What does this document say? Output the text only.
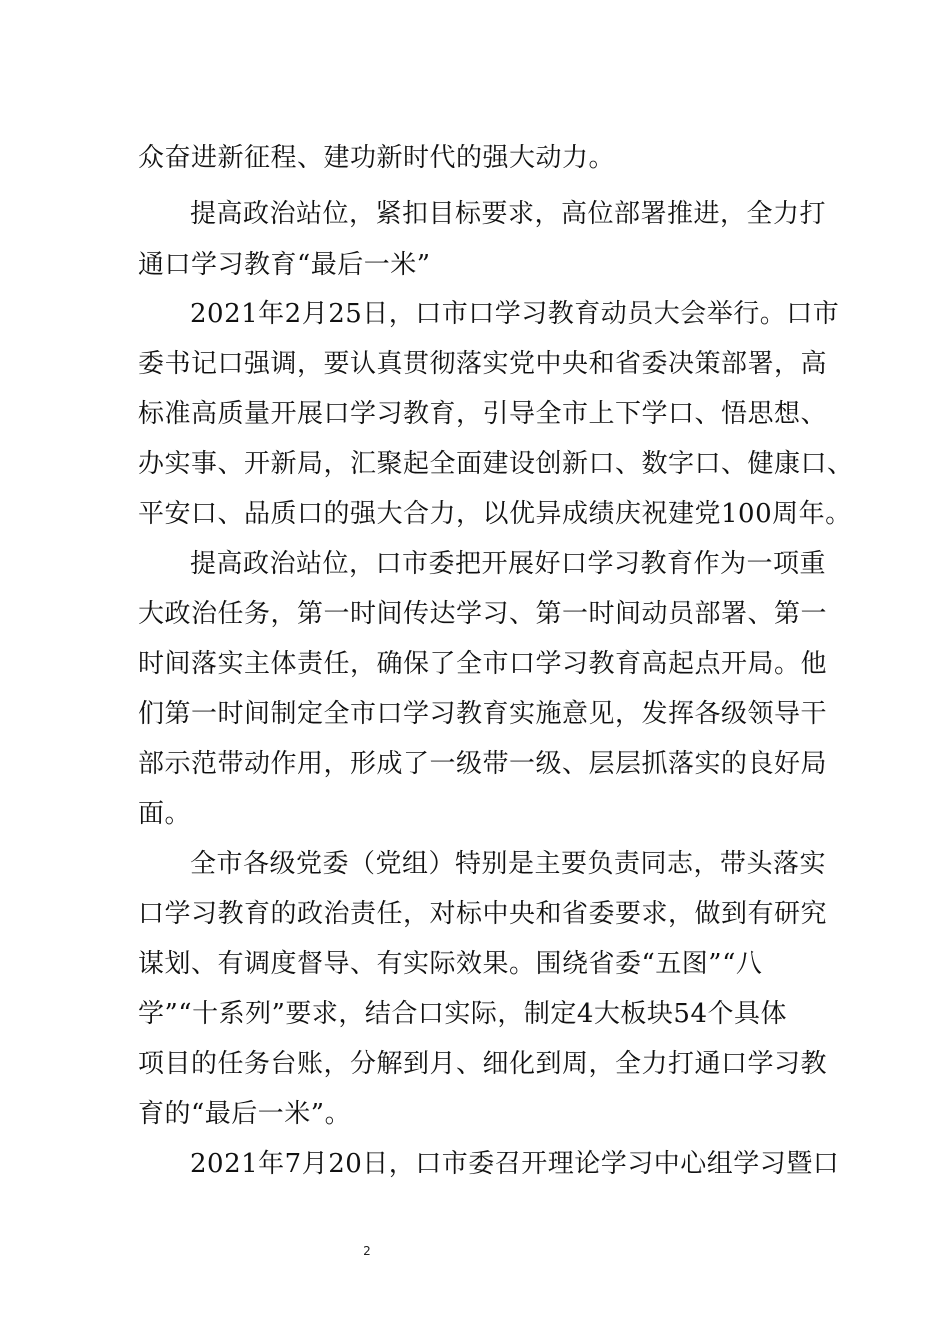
众奋进新征程、建功新时代的强大动力。
提高政治站位，紧扣目标要求，高位部署推进，全力打
通口学习教育“最后一米”
2021年2月25日，口市口学习教育动员大会举行。口市
委书记口强调，要认真贯彻落实党中央和省委决策部署，高
标准高质量开展口学习教育，引导全市上下学口、悟思想、
办实事、开新局，汇聚起全面建设创新口、数字口、健康口、
平安口、品质口的强大合力，以优异成绩庆祝建党100周年。
提高政治站位，口市委把开展好口学习教育作为一项重
大政治任务，第一时间传达学习、第一时间动员部署、第一
时间落实主体责任，确保了全市口学习教育高起点开局。他
们第一时间制定全市口学习教育实施意见，发挥各级领导干
部示范带动作用，形成了一级带一级、层层抓落实的良好局
面。
全市各级党委（党组）特别是主要负责同志，带头落实
口学习教育的政治责任，对标中央和省委要求，做到有研究
谋划、有调度督导、有实际效果。围绕省委“五图”“八
学”“十系列”要求，结合口实际，制定4大板块54个具体
项目的任务台账，分解到月、细化到周，全力打通口学习教
育的“最后一米”。
2021年7月20日，口市委召开理论学习中心组学习暨口
2
